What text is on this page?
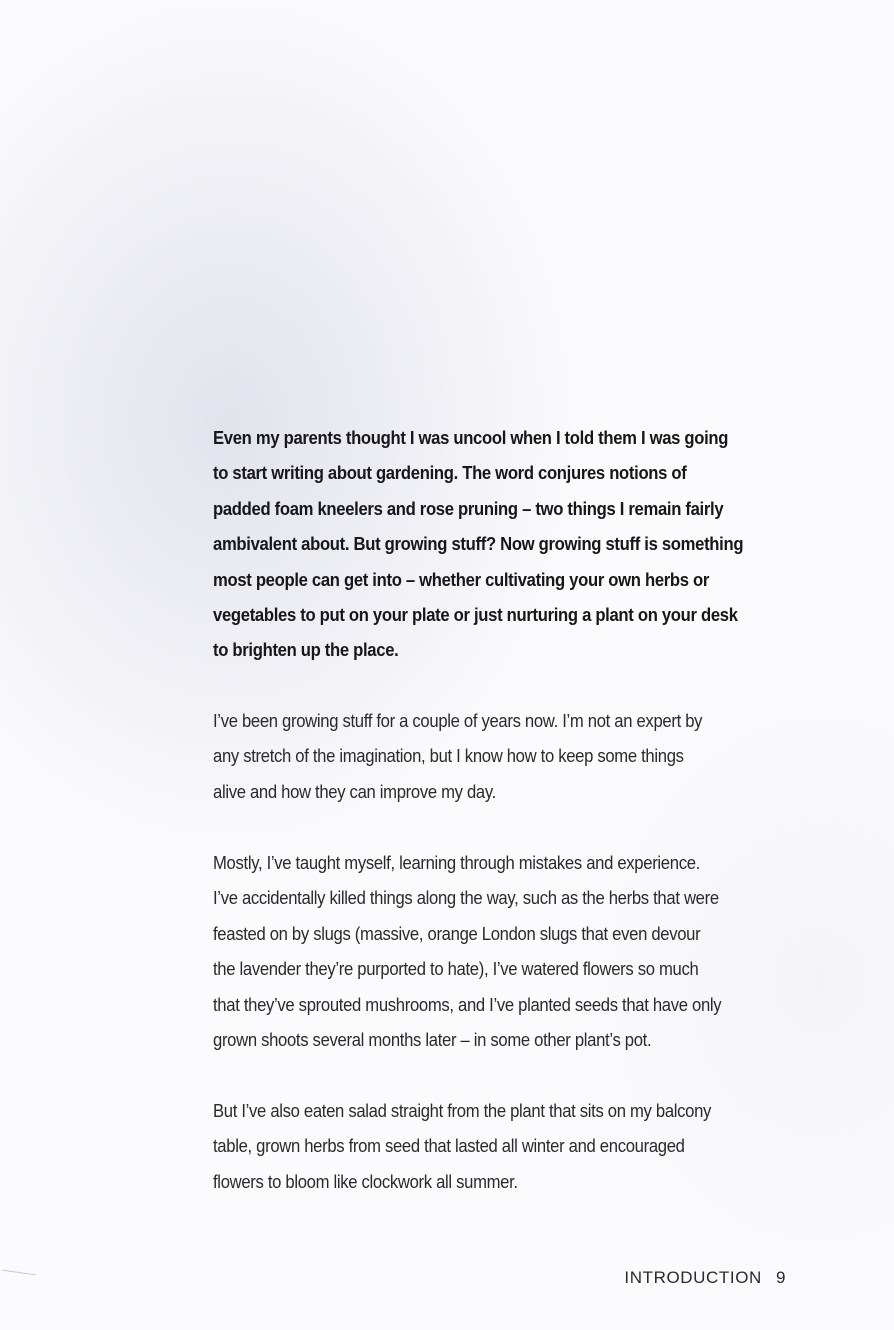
Even my parents thought I was uncool when I told them I was going
to start writing about gardening. The word conjures notions of
padded foam kneelers and rose pruning – two things I remain fairly
ambivalent about. But growing stuff? Now growing stuff is something
most people can get into – whether cultivating your own herbs or
vegetables to put on your plate or just nurturing a plant on your desk
to brighten up the place.
I’ve been growing stuff for a couple of years now. I’m not an expert by
any stretch of the imagination, but I know how to keep some things
alive and how they can improve my day.
Mostly, I’ve taught myself, learning through mistakes and experience.
I’ve accidentally killed things along the way, such as the herbs that were
feasted on by slugs (massive, orange London slugs that even devour
the lavender they’re purported to hate), I’ve watered flowers so much
that they’ve sprouted mushrooms, and I’ve planted seeds that have only
grown shoots several months later – in some other plant’s pot.
But I’ve also eaten salad straight from the plant that sits on my balcony
table, grown herbs from seed that lasted all winter and encouraged
flowers to bloom like clockwork all summer.
INTRODUCTION 9
